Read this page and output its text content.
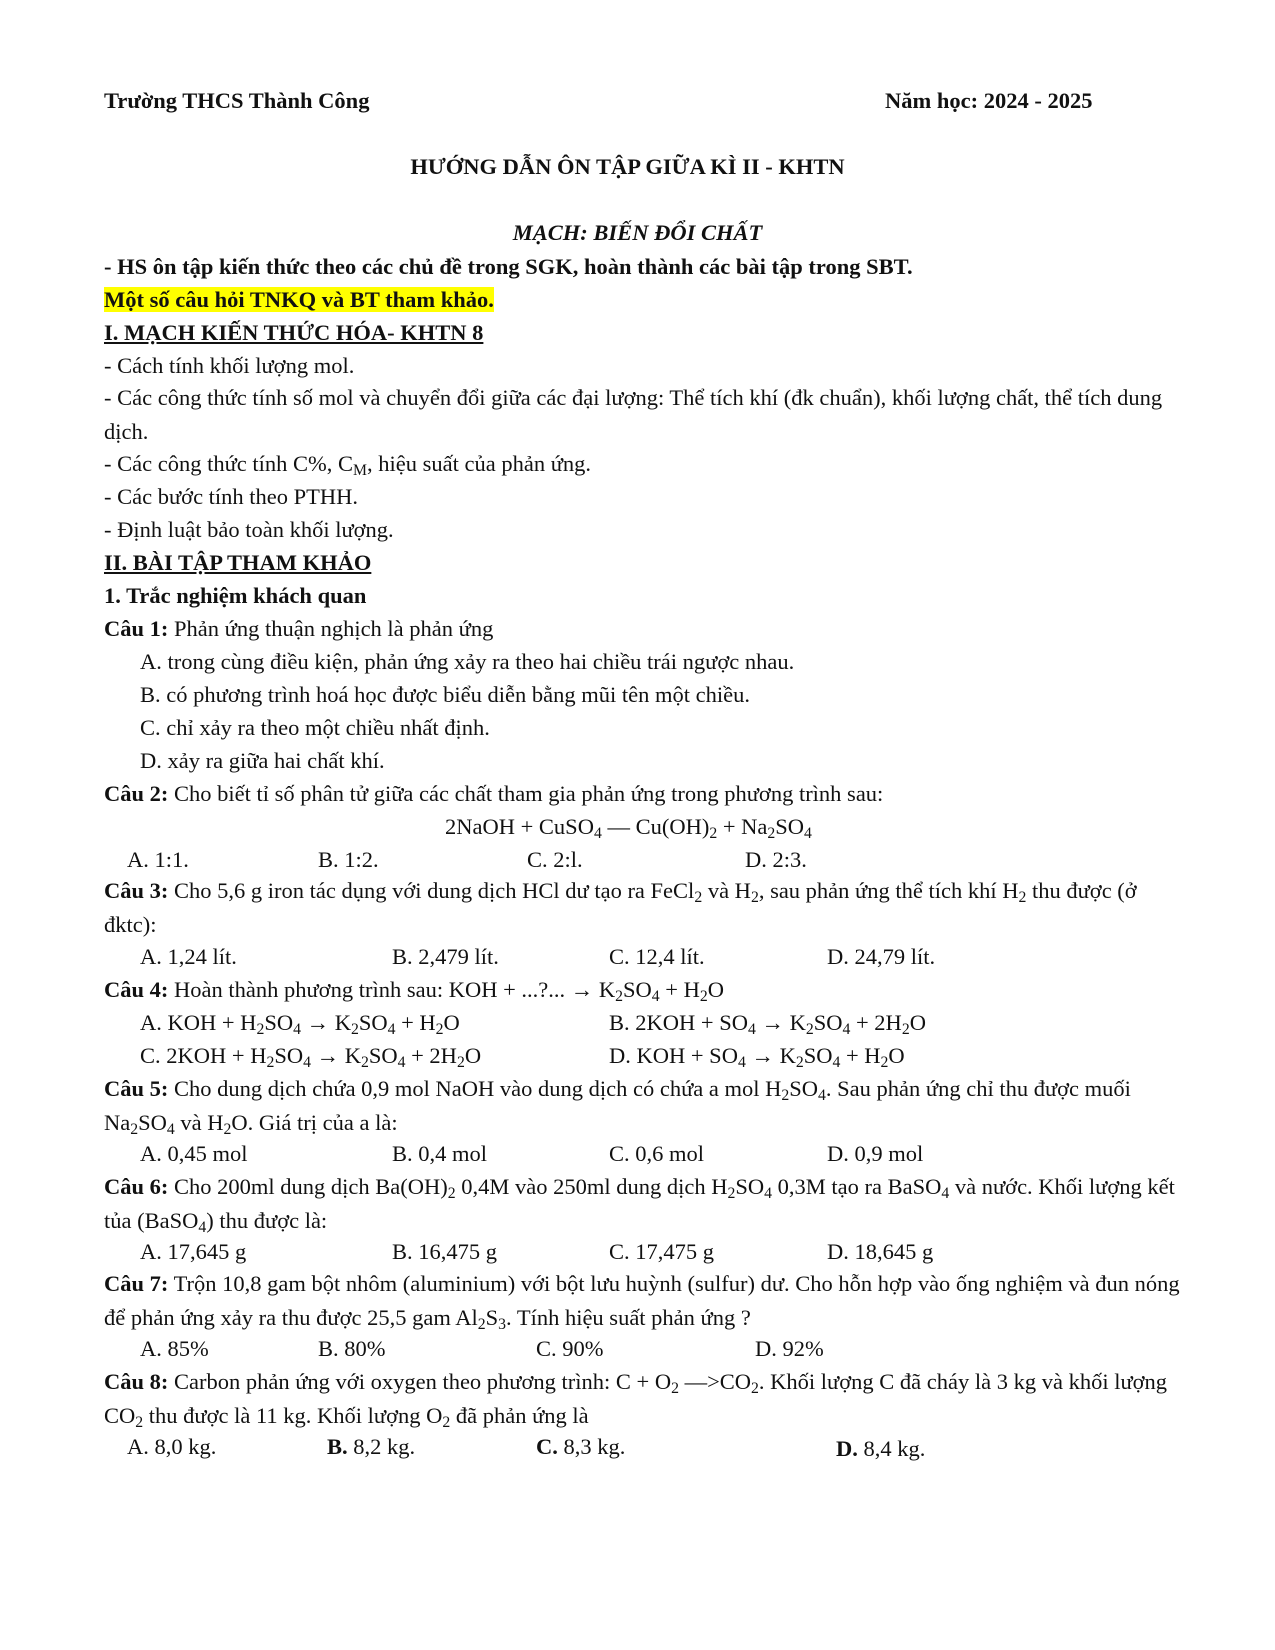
Trường THCS Thành Công	Năm học: 2024 - 2025
HƯỚNG DẪN ÔN TẬP GIỮA KÌ II - KHTN
MẠCH: BIẾN ĐỔI CHẤT
- HS ôn tập kiến thức theo các chủ đề trong SGK, hoàn thành các bài tập trong SBT.
Một số câu hỏi TNKQ và BT tham khảo.
I. MẠCH KIẾN THỨC HÓA- KHTN 8
- Cách tính khối lượng mol.
- Các công thức tính số mol và chuyển đổi giữa các đại lượng: Thể tích khí (đk chuẩn), khối lượng chất, thể tích dung dịch.
- Các công thức tính C%, $C_M$, hiệu suất của phản ứng.
- Các bước tính theo PTHH.
- Định luật bảo toàn khối lượng.
II. BÀI TẬP THAM KHẢO
1. Trắc nghiệm khách quan
Câu 1: Phản ứng thuận nghịch là phản ứng
A. trong cùng điều kiện, phản ứng xảy ra theo hai chiều trái ngược nhau.
B. có phương trình hoá học được biểu diễn bằng mũi tên một chiều.
C. chỉ xảy ra theo một chiều nhất định.
D. xảy ra giữa hai chất khí.
Câu 2: Cho biết tỉ số phân tử giữa các chất tham gia phản ứng trong phương trình sau:
2NaOH + CuSO$_4$ — $Cu(OH)_2 + Na_2SO_4$
A. 1:1.	B. 1:2.	C. 2:l.	D. 2:3.
Câu 3: Cho 5,6 g iron tác dụng với dung dịch HCl dư tạo ra FeCl$_2$ và $H_2$, sau phản ứng thể tích khí $H_2$ thu được (ở đktc):
A. 1,24 lít.	B. 2,479 lít.	C. 12,4 lít.	D. 24,79 lít.
Câu 4: Hoàn thành phương trình sau: KOH + ...?... → $K_2SO_4 + H_2O$
A. KOH + $H_2SO_4 \to K_2SO_4 + H_2O$	B. $2KOH + SO_4 \to K_2SO_4 + 2H_2O$
C. $2KOH + H_2SO_4 \to K_2SO_4 + 2H_2O$	D. KOH + $SO_4 \to K_2SO_4 + H_2O$
Câu 5: Cho dung dịch chứa 0,9 mol NaOH vào dung dịch có chứa a mol $H_2SO_4$. Sau phản ứng chỉ thu được muối $Na_2SO_4$ và $H_2O$. Giá trị của a là:
A. 0,45 mol	B. 0,4 mol	C. 0,6 mol	D. 0,9 mol
Câu 6: Cho 200ml dung dịch $Ba(OH)_2$ 0,4M vào 250ml dung dịch $H_2SO_4$ 0,3M tạo ra BaSO$_4$ và nước. Khối lượng kết tủa (BaSO$_4$) thu được là:
A. 17,645 g	B. 16,475 g	C. 17,475 g	D. 18,645 g
Câu 7: Trộn 10,8 gam bột nhôm (aluminium) với bột lưu huỳnh (sulfur) dư. Cho hỗn hợp vào ống nghiệm và đun nóng để phản ứng xảy ra thu được 25,5 gam $Al_2S_3$. Tính hiệu suất phản ứng ?
A. 85%	B. 80%	C. 90%	D. 92%
Câu 8: Carbon phản ứng với oxygen theo phương trình: $C + O_2$ $—>CO_2$. Khối lượng C đã cháy là 3 kg và khối lượng $CO_2$ thu được là 11 kg. Khối lượng $O_2$ đã phản ứng là
A. 8,0 kg.	B. 8,2 kg.	C. 8,3 kg.	D. 8,4 kg.
